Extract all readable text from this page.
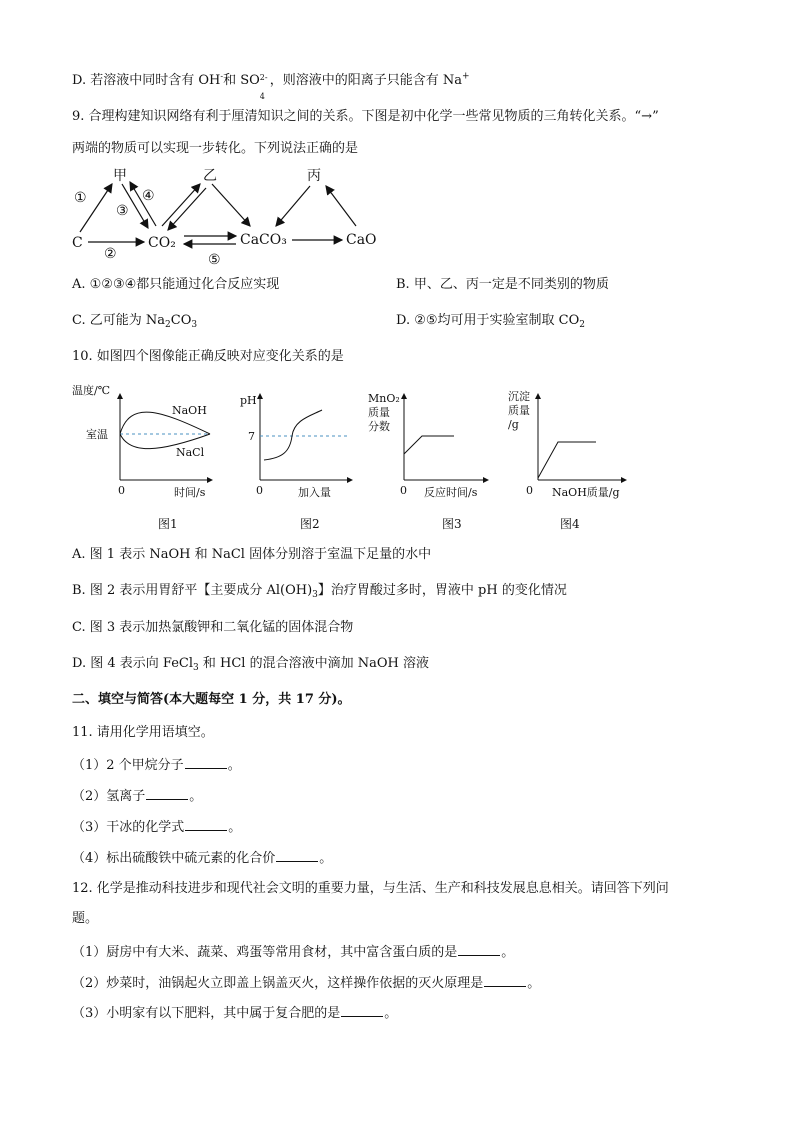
D. 若溶液中同时含有 OH-和 SO 2-
4
，则溶液中的阳离子只能含有 Na+
9. 合理构建知识网络有利于厘清知识之间的关系。下图是初中化学一些常见物质的三角转化关系。“→”
两端的物质可以实现一步转化。下列说法正确的是
甲	乙	丙
C	CO₂	CaCO₃	CaO
①
②
③
④
⑤
A. ①②③④都只能通过化合反应实现	B. 甲、乙、丙一定是不同类别的物质
C. 乙可能为 $Na_2CO_3$	D. ②⑤均可用于实验室制取 $CO_2$
10. 如图四个图像能正确反映对应变化关系的是
温度/℃
室温
NaOH
NaCl
0	时间/s
图1
pH
7
0	加入量
图2
MnO₂
质量
分数
0 反应时间/s
图3
沉淀
质量
/g
0 NaOH质量/g
图4
A. 图 1 表示 NaOH 和 NaCl 固体分别溶于室温下足量的水中
B. 图 2 表示用胃舒平【主要成分 $Al(OH)_3$】治疗胃酸过多时，胃液中 pH 的变化情况
C. 图 3 表示加热氯酸钾和二氧化锰的固体混合物
D. 图 4 表示向 FeCl$_3$ 和 HCl 的混合溶液中滴加 NaOH 溶液
二、填空与简答(本大题每空 1 分，共 17 分)。
11. 请用化学用语填空。
（1）2 个甲烷分子	。
（2）氢离子	。
（3）干冰的化学式	。
（4）标出硫酸铁中硫元素的化合价	。
12. 化学是推动科技进步和现代社会文明的重要力量，与生活、生产和科技发展息息相关。请回答下列问
题。
（1）厨房中有大米、蔬菜、鸡蛋等常用食材，其中富含蛋白质的是	。
（2）炒菜时，油锅起火立即盖上锅盖灭火，这样操作依据的灭火原理是	。
（3）小明家有以下肥料，其中属于复合肥的是	。
